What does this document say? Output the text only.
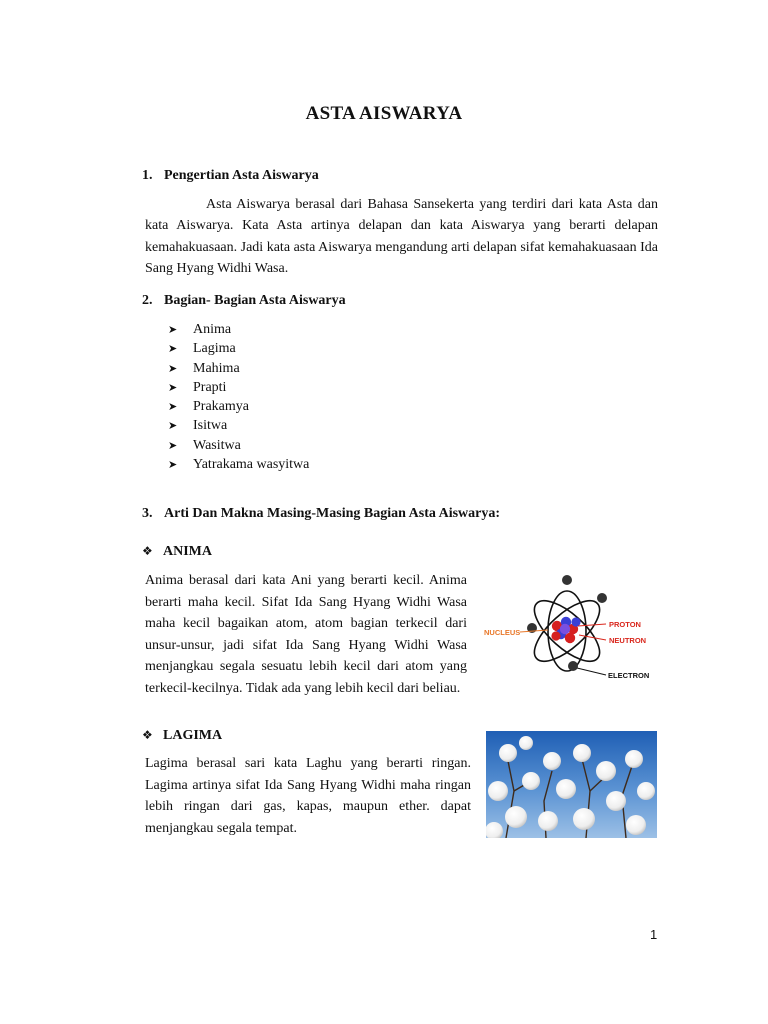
ASTA AISWARYA
1. Pengertian Asta Aiswarya

Asta Aiswarya berasal dari Bahasa Sansekerta yang terdiri dari kata Asta dan kata Aiswarya. Kata Asta artinya delapan dan kata Aiswarya yang berarti delapan kemahakuasaan. Jadi kata asta Aiswarya mengandung arti delapan sifat kemahakuasaan Ida Sang Hyang Widhi Wasa.

2. Bagian- Bagian Asta Aiswarya
➤ Anima
➤ Lagima
➤ Mahima
➤ Prapti
➤ Prakamya
➤ Isitwa
➤ Wasitwa
➤ Yatrakama wasyitwa
3. Arti Dan Makna Masing-Masing Bagian Asta Aiswarya:
❖ ANIMA

Anima berasal dari kata Ani yang berarti kecil. Anima berarti maha kecil. Sifat Ida Sang Hyang Widhi Wasa maha kecil bagaikan atom, atom bagian terkecil dari unsur-unsur, jadi sifat Ida Sang Hyang Widhi Wasa menjangkau segala sesuatu lebih kecil dari atom yang terkecil-kecilnya. Tidak ada yang lebih kecil dari beliau.

NUCLEUS
PROTON
NEUTRON
ELECTRON
❖ LAGIMA

Lagima berasal sari kata Laghu yang berarti ringan. Lagima artinya sifat Ida Sang Hyang Widhi maha ringan lebih ringan dari gas, kapas, maupun ether. dapat menjangkau segala tempat.

1
